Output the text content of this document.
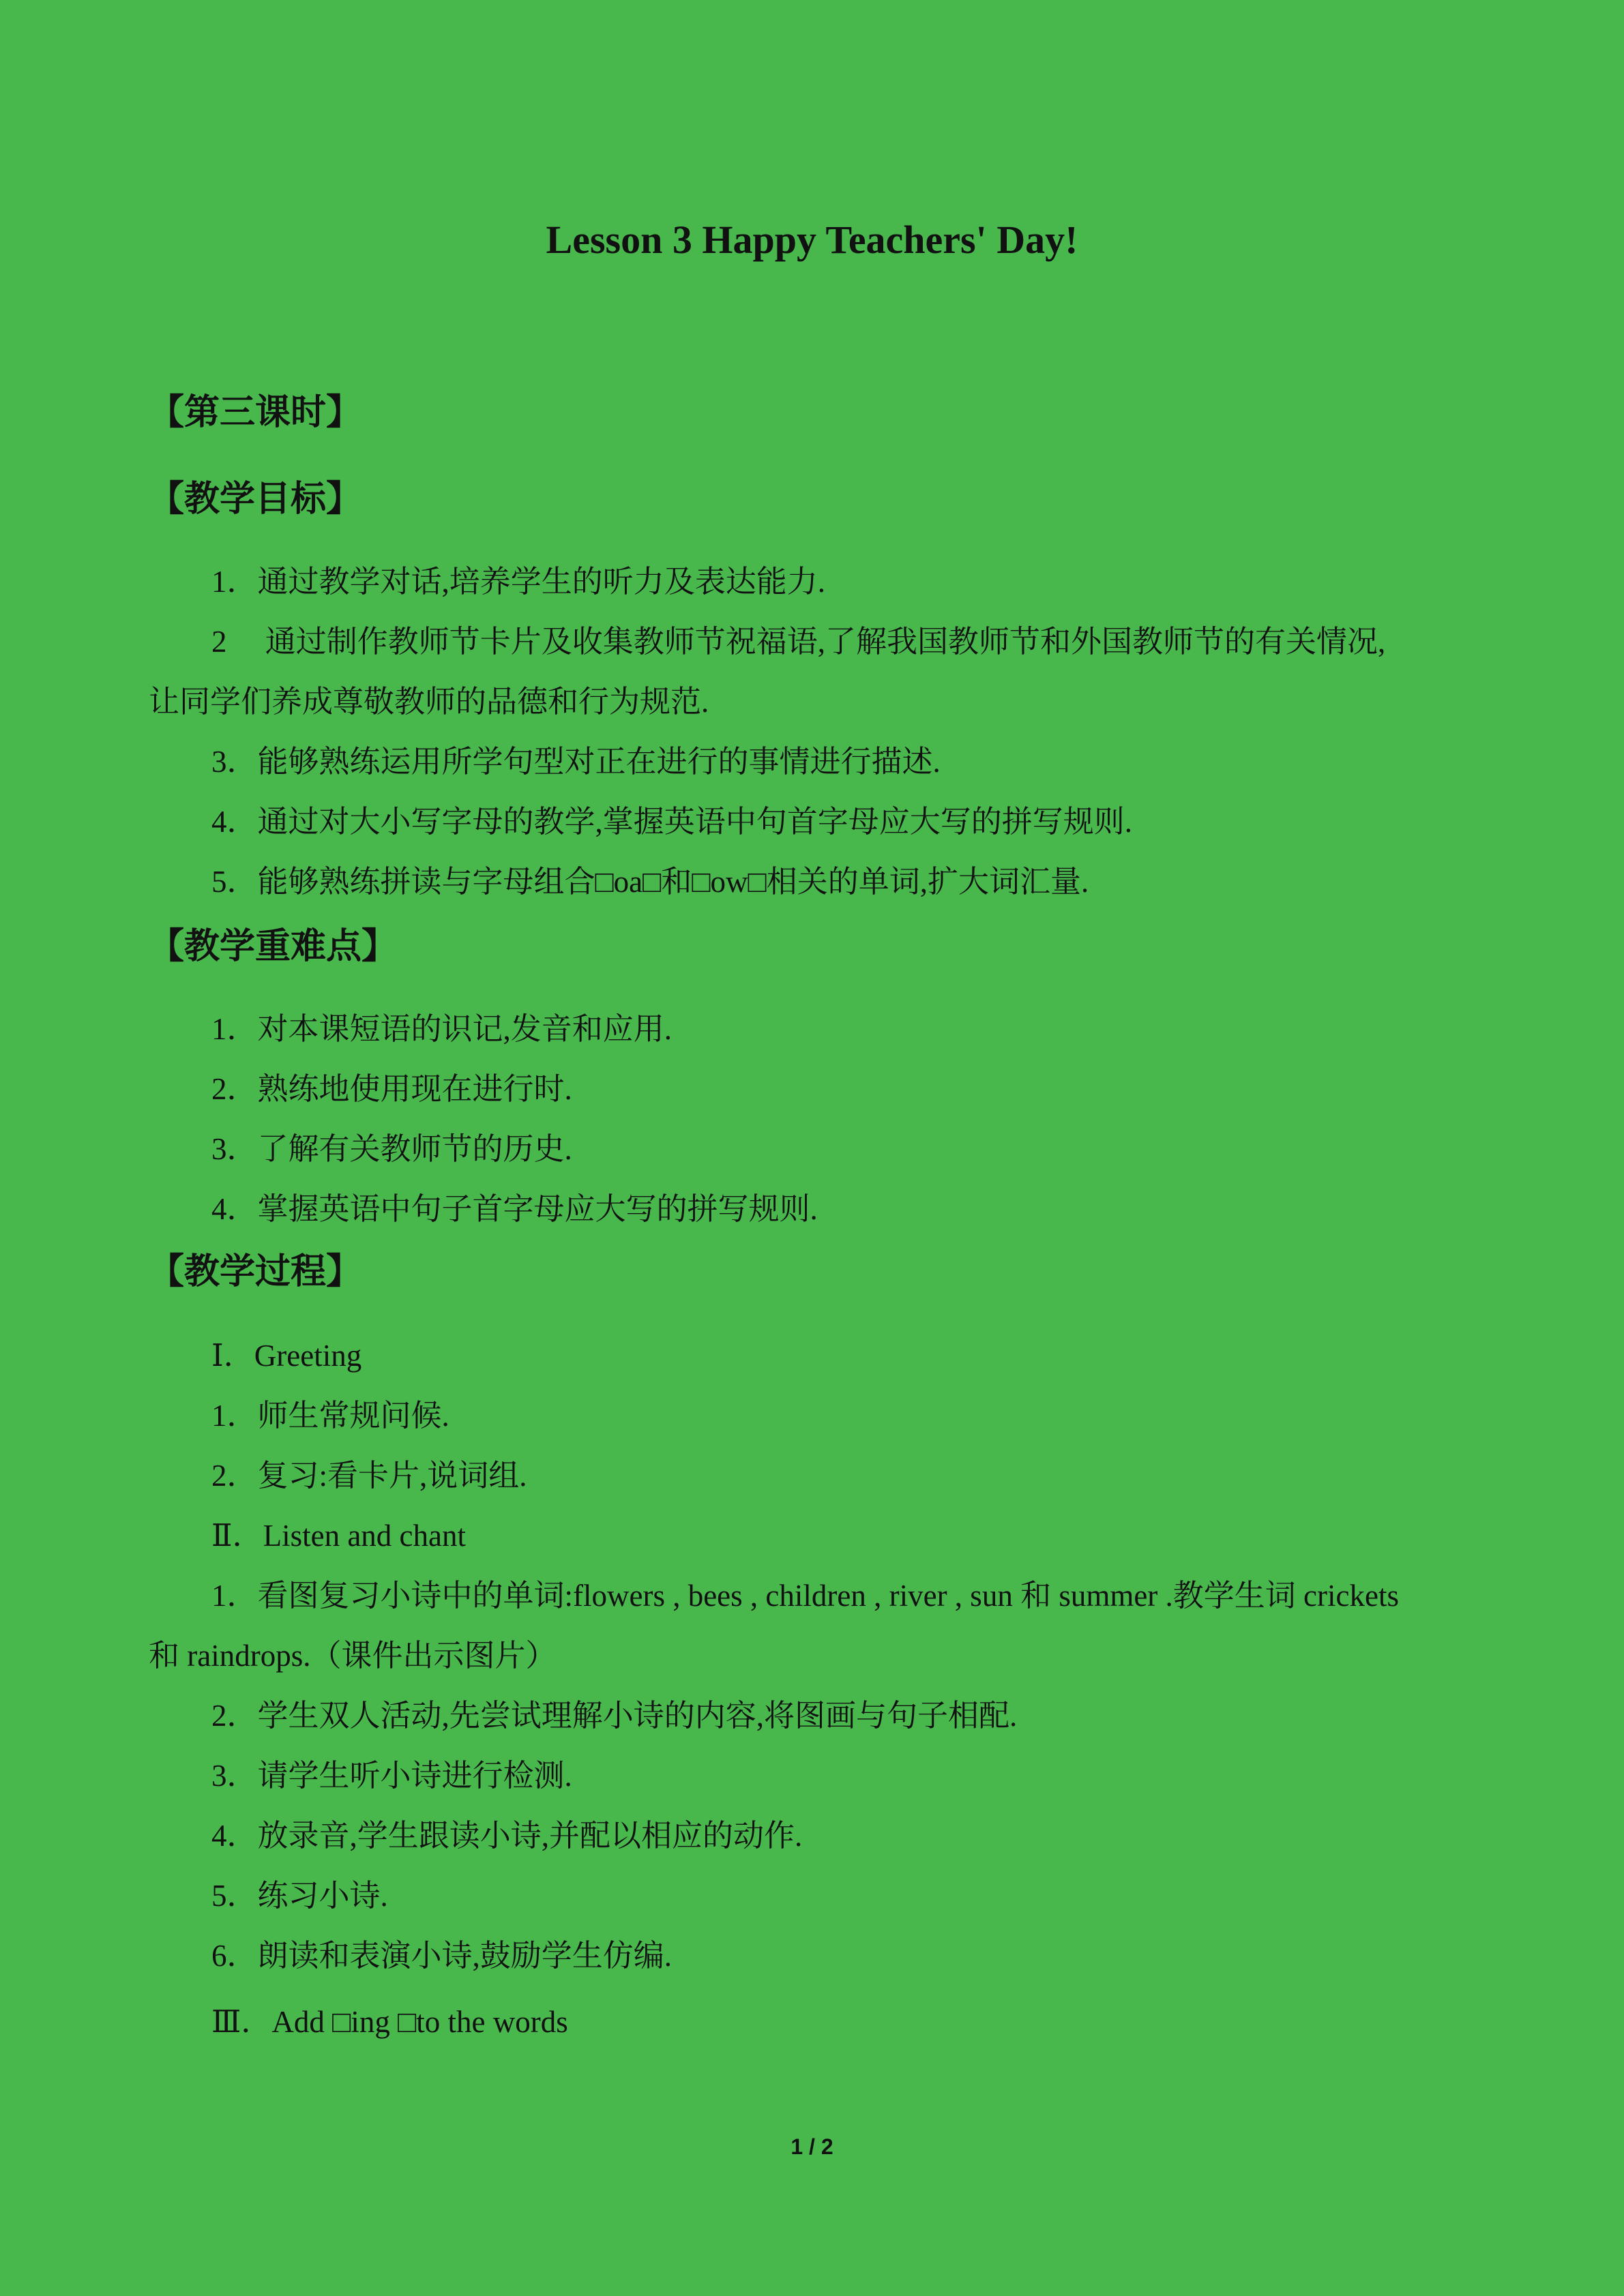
Lesson 3 Happy Teachers' Day!
【第三课时】
【教学目标】
1．通过教学对话,培养学生的听力及表达能力.
2　 通过制作教师节卡片及收集教师节祝福语,了解我国教师节和外国教师节的有关情况,
让同学们养成尊敬教师的品德和行为规范.
3．能够熟练运用所学句型对正在进行的事情进行描述.
4．通过对大小写字母的教学,掌握英语中句首字母应大写的拼写规则.
5．能够熟练拼读与字母组合□oa□和□ow□相关的单词,扩大词汇量.
【教学重难点】
1．对本课短语的识记,发音和应用.
2．熟练地使用现在进行时.
3．了解有关教师节的历史.
4．掌握英语中句子首字母应大写的拼写规则.
【教学过程】
Ⅰ．Greeting
1．师生常规问候.
2．复习:看卡片,说词组.
Ⅱ．Listen and chant
1．看图复习小诗中的单词:flowers , bees , children , river , sun 和 summer .教学生词 crickets
和 raindrops.（课件出示图片）
2．学生双人活动,先尝试理解小诗的内容,将图画与句子相配.
3．请学生听小诗进行检测.
4．放录音,学生跟读小诗,并配以相应的动作.
5．练习小诗.
6．朗读和表演小诗,鼓励学生仿编.
Ⅲ．Add □ing □to the words
1 / 2
